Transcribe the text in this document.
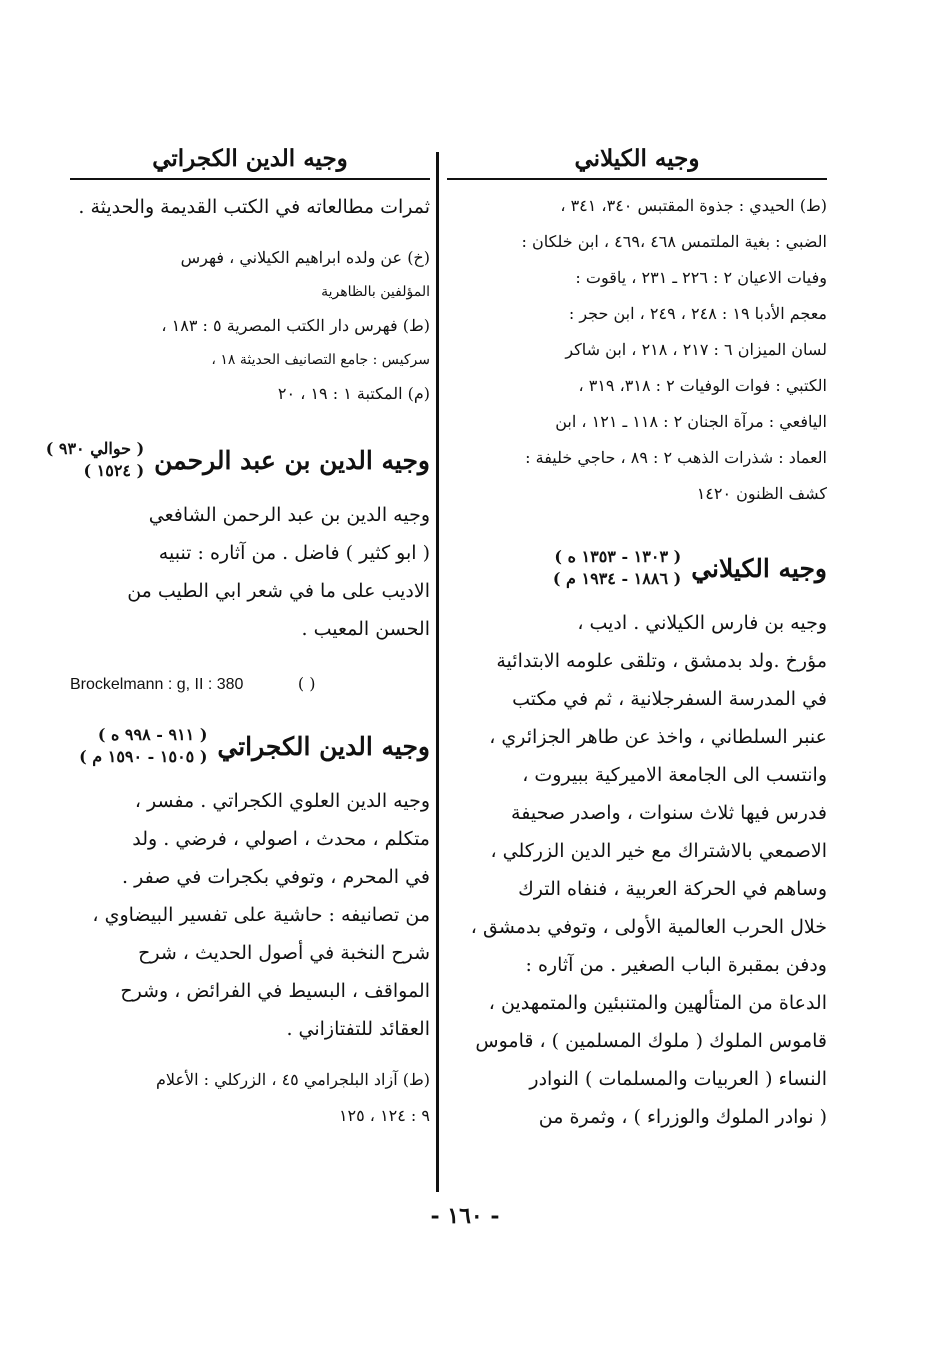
وجيه الكيلاني
(ط) الحيدي : جذوة المقتبس ٣٤٠، ٣٤١ ،
الضبي : بغية الملتمس ٤٦٨ ،٤٦٩ ، ابن خلكان :
وفيات الاعيان ٢ : ٢٢٦ ـ ٢٣١ ، ياقوت :
معجم الأدبا ١٩ : ٢٤٨ ، ٢٤٩ ، ابن حجر :
لسان الميزان ٦ : ٢١٧ ، ٢١٨ ، ابن شاكر
الكتبي : فوات الوفيات ٢ : ٣١٨، ٣١٩ ،
اليافعي : مرآة الجنان ٢ : ١١٨ ـ ١٢١ ، ابن
العماد : شذرات الذهب ٢ : ٨٩ ، حاجي خليفة :
كشف الظنون ١٤٢٠
وجيه الكيلاني
( ١٣٠٣ - ١٣٥٣ ه )
( ١٨٨٦ - ١٩٣٤ م )
وجيه بن فارس الكيلاني . اديب ،
مؤرخ .ولد بدمشق ، وتلقى علومه الابتدائية
في المدرسة السفرجلانية ، ثم في مكتب
عنبر السلطاني ، واخذ عن طاهر الجزائري ،
وانتسب الى الجامعة الاميركية ببيروت ،
فدرس فيها ثلاث سنوات ، واصدر صحيفة
الاصمعي بالاشتراك مع خير الدين الزركلي ،
وساهم في الحركة العربية ، فنفاه الترك
خلال الحرب العالمية الأولى ، وتوفي بدمشق ،
ودفن بمقبرة الباب الصغير . من آثاره :
الدعاة من المتألهين والمتنبئين والمتمهدين ،
قاموس الملوك ( ملوك المسلمين ) ، قاموس
النساء ( العربيات والمسلمات ) النوادر
( نوادر الملوك والوزراء ) ، وثمرة من
وجيه الدين الكجراتي
ثمرات مطالعاته في الكتب القديمة والحديثة .
(خ) عن ولده ابراهيم الكيلاني ، فهرس
المؤلفين بالظاهرية
(ط) فهرس دار الكتب المصرية ٥ : ١٨٣ ،
سركيس : جامع التصانيف الحديثة ١٨ ،
(م) المكتبة ١ : ١٩ ، ٢٠
وجيه الدين بن عبد الرحمن
( حوالي ٩٣٠ )
( ١٥٢٤ )
وجيه الدين بن عبد الرحمن الشافعي
( ابو كثير ) فاضل . من آثاره : تنبيه
الاديب على ما في شعر ابي الطيب من
الحسن المعيب .
Brockelmann : g, II : 380	( )
وجيه الدين الكجراتي
( ٩١١ - ٩٩٨ ه )
( ١٥٠٥ - ١٥٩٠ م )
وجيه الدين العلوي الكجراتي . مفسر ،
متكلم ، محدث ، اصولي ، فرضي . ولد
في المحرم ، وتوفي بكجرات في صفر .
من تصانيفه : حاشية على تفسير البيضاوي ،
شرح النخبة في أصول الحديث ، شرح
المواقف ، البسيط في الفرائض ، وشرح
العقائد للتفتازاني .
(ط) آزاد البلجرامي ٤٥ ، الزركلي : الأعلام
٩ : ١٢٤ ، ١٢٥
- ١٦٠ -
